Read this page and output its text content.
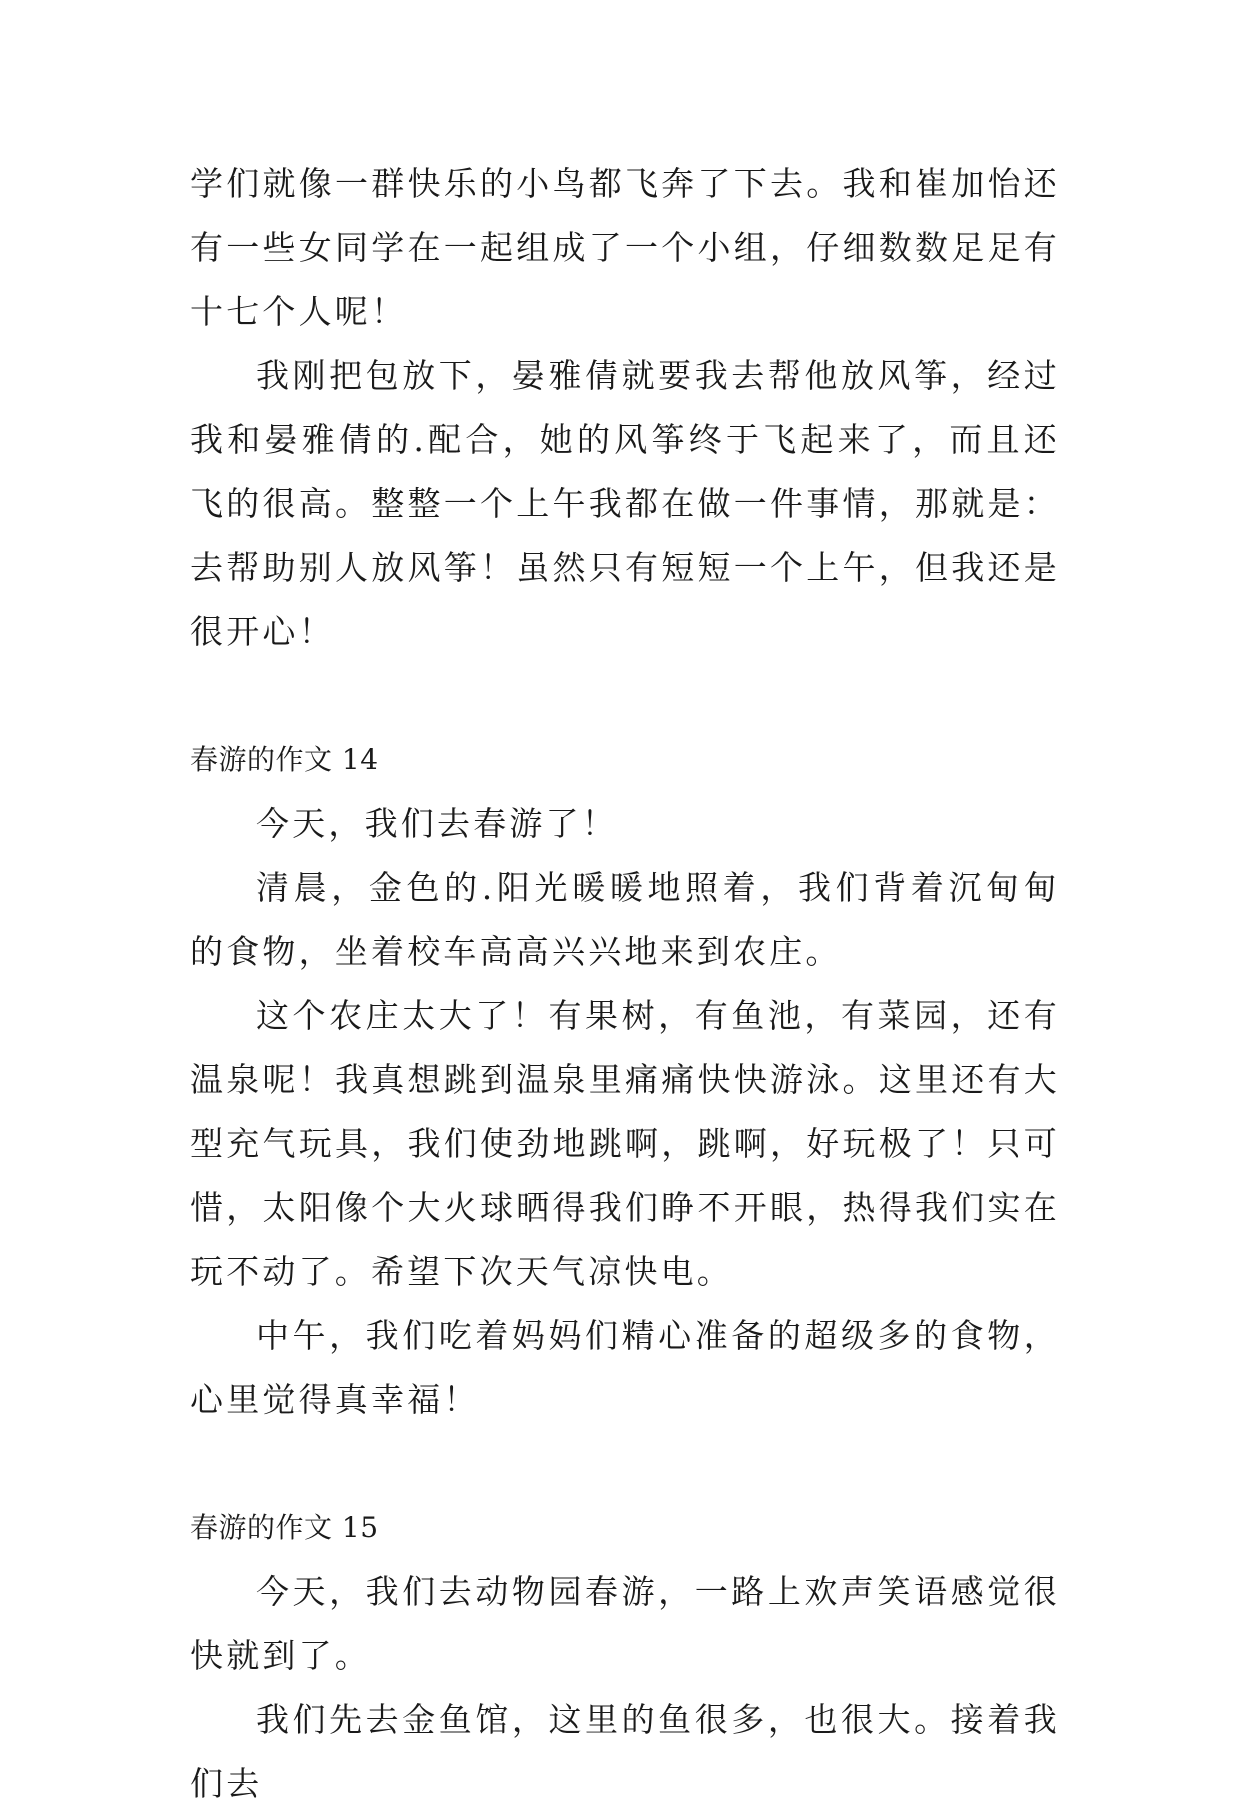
学们就像一群快乐的小鸟都飞奔了下去。我和崔加怡还有一些女同学在一起组成了一个小组，仔细数数足足有十七个人呢！

我刚把包放下，晏雅倩就要我去帮他放风筝，经过我和晏雅倩的.配合，她的风筝终于飞起来了，而且还飞的很高。整整一个上午我都在做一件事情，那就是：去帮助别人放风筝！虽然只有短短一个上午，但我还是很开心！

春游的作文 14

今天，我们去春游了！

清晨，金色的.阳光暖暖地照着，我们背着沉甸甸的食物，坐着校车高高兴兴地来到农庄。

这个农庄太大了！有果树，有鱼池，有菜园，还有温泉呢！我真想跳到温泉里痛痛快快游泳。这里还有大型充气玩具，我们使劲地跳啊，跳啊，好玩极了！只可惜，太阳像个大火球晒得我们睁不开眼，热得我们实在玩不动了。希望下次天气凉快电。

中午，我们吃着妈妈们精心准备的超级多的食物，心里觉得真幸福！

春游的作文 15

今天，我们去动物园春游，一路上欢声笑语感觉很快就到了。

我们先去金鱼馆，这里的鱼很多，也很大。接着我们去
